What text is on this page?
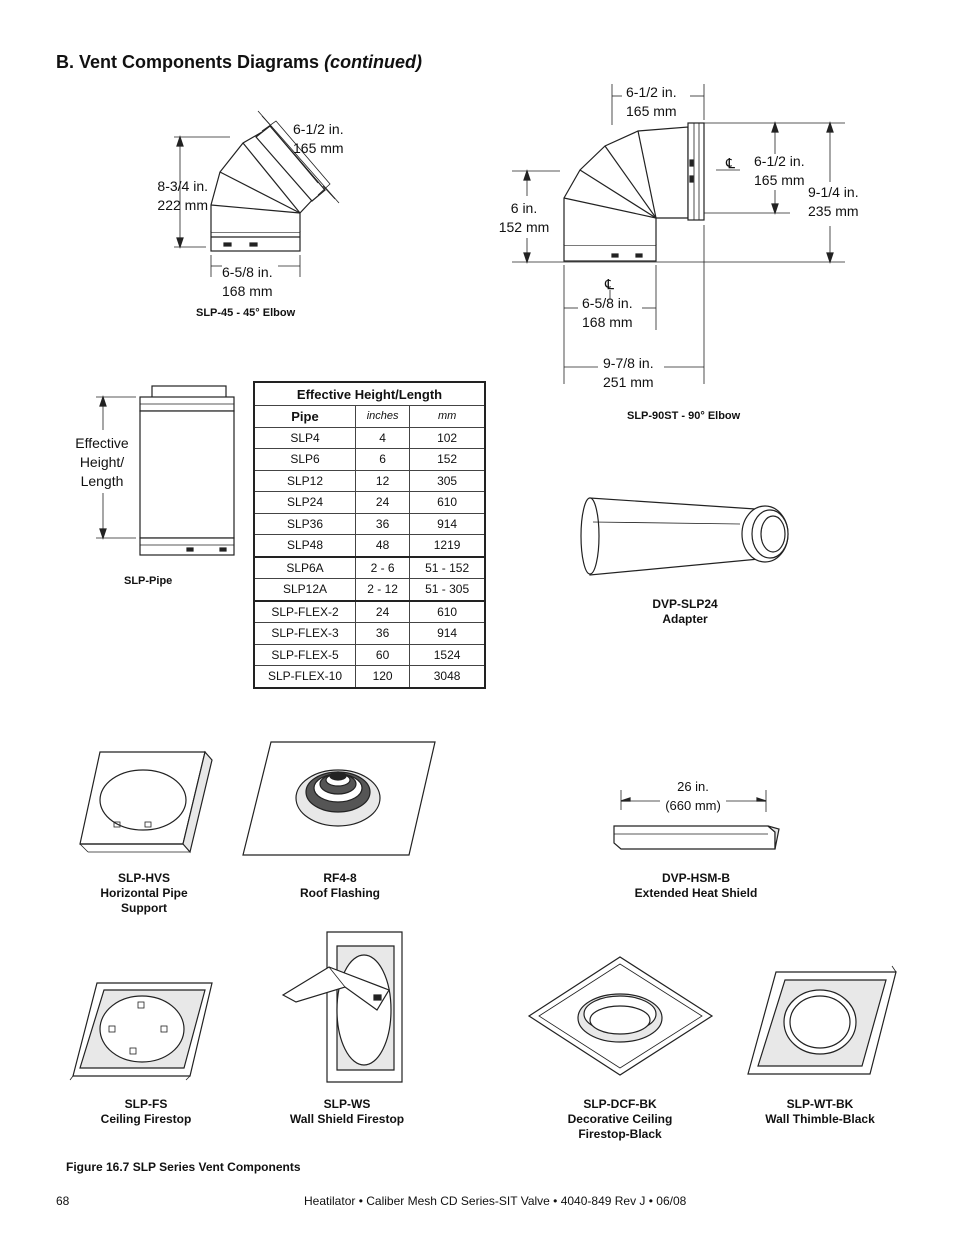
B. Vent Components Diagrams (continued)
6-1/2 in.
165 mm
8-3/4 in.
222 mm
6-5/8 in.
168 mm
SLP-45 - 45° Elbow
6-1/2 in.
165 mm
℄ 6-1/2 in.
165 mm
9-1/4 in.
235 mm
6 in.
152 mm
℄
6-5/8 in.
168 mm
9-7/8 in.
251 mm
SLP-90ST - 90° Elbow
Effective
Height/
Length
SLP-Pipe
Effective Height/Length		
Pipe	inches	mm
SLP4	4	102
SLP6	6	152
SLP12	12	305
SLP24	24	610
SLP36	36	914
SLP48	48	1219
SLP6A	2 - 6	51 - 152
SLP12A	2 - 12	51 - 305
SLP-FLEX-2	24	610
SLP-FLEX-3	36	914
SLP-FLEX-5	60	1524
SLP-FLEX-10	120	3048
DVP-SLP24
Adapter
26 in.
(660 mm)
SLP-HVS
Horizontal Pipe
Support
RF4-8
Roof Flashing
DVP-HSM-B
Extended Heat Shield
SLP-FS
Ceiling Firestop
SLP-WS
Wall Shield Firestop
SLP-DCF-BK
Decorative Ceiling
Firestop-Black
SLP-WT-BK
Wall Thimble-Black
Figure 16.7 SLP Series Vent Components
68	Heatilator • Caliber Mesh CD Series-SIT Valve • 4040-849 Rev J • 06/08
